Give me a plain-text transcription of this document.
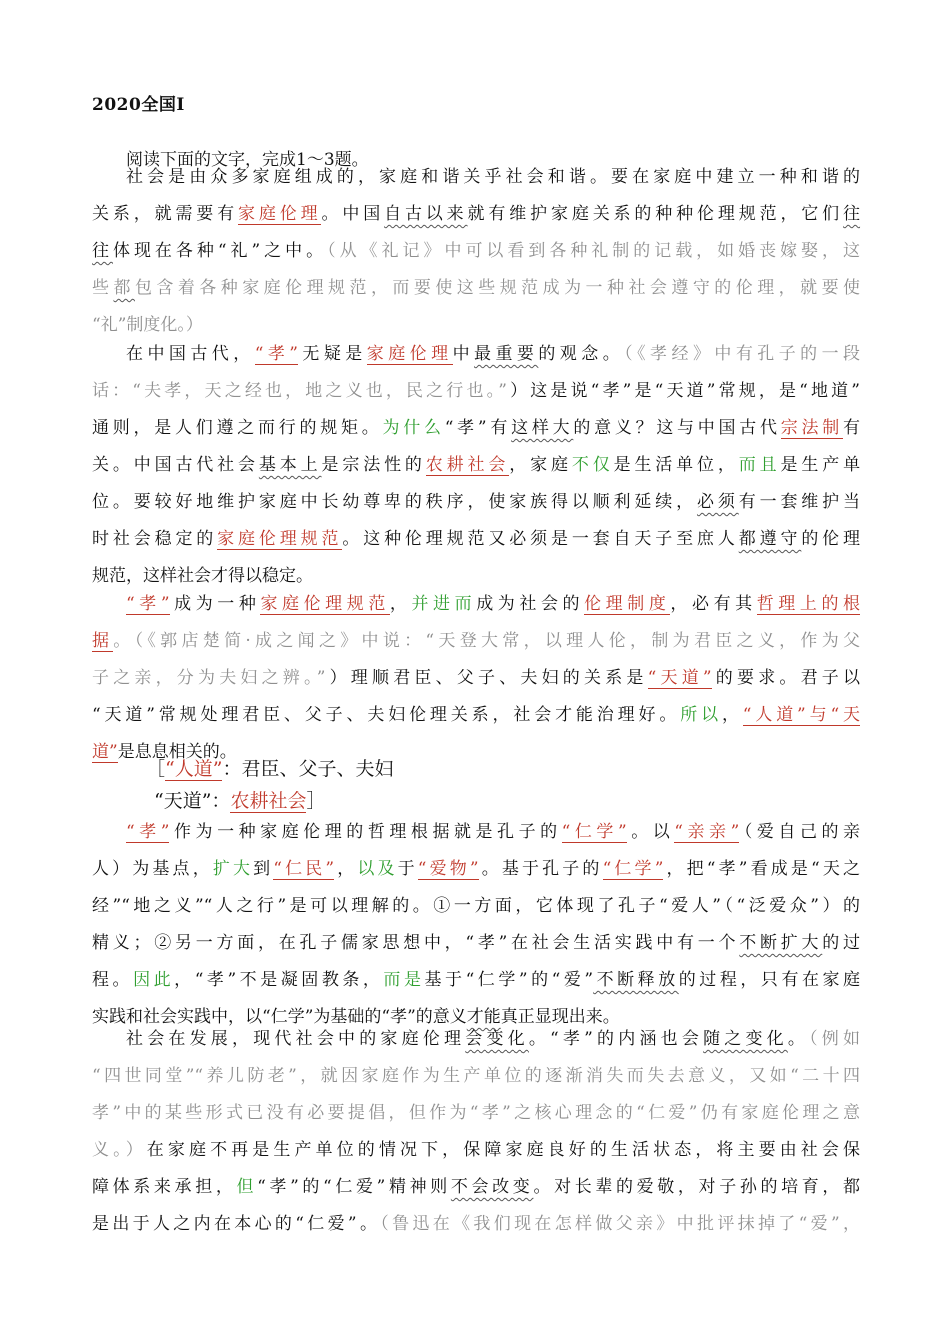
2020全国Ⅰ
阅读下面的文字，完成1～3题。
社会是由众多家庭组成的，家庭和谐关乎社会和谐。要在家庭中建立一种和谐的
关系，就需要有家庭伦理。中国自古以来就有维护家庭关系的种种伦理规范，它们往
往体现在各种“礼”之中。（从《礼记》中可以看到各种礼制的记载，如婚丧嫁娶，这
些都包含着各种家庭伦理规范，而要使这些规范成为一种社会遵守的伦理，就要使
“礼”制度化。）
在中国古代，“孝”无疑是家庭伦理中最重要的观念。（《孝经》中有孔子的一段
话：“夫孝，天之经也，地之义也，民之行也。”）这是说“孝”是“天道”常规，是“地道”
通则，是人们遵之而行的规矩。为什么“孝”有这样大的意义？这与中国古代宗法制有
关。中国古代社会基本上是宗法性的农耕社会，家庭不仅是生活单位，而且是生产单
位。要较好地维护家庭中长幼尊卑的秩序，使家族得以顺利延续，必须有一套维护当
时社会稳定的家庭伦理规范。这种伦理规范又必须是一套自天子至庶人都遵守的伦理
规范，这样社会才得以稳定。
“孝”成为一种家庭伦理规范，并进而成为社会的伦理制度，必有其哲理上的根
据。（《郭店楚简·成之闻之》中说：“天登大常，以理人伦，制为君臣之义，作为父
子之亲，分为夫妇之辨。”）理顺君臣、父子、夫妇的关系是“天道”的要求。君子以
“天道”常规处理君臣、父子、夫妇伦理关系，社会才能治理好。所以，“人道”与“天
道”是息息相关的。
“孝”作为一种家庭伦理的哲理根据就是孔子的“仁学”。以“亲亲”（爱自己的亲
人）为基点，扩大到“仁民”，以及于“爱物”。基于孔子的“仁学”，把“孝”看成是“天之
经”“地之义”“人之行”是可以理解的。①一方面，它体现了孔子“爱人”（“泛爱众”）的
精义；②另一方面，在孔子儒家思想中，“孝”在社会生活实践中有一个不断扩大的过
程。因此，“孝”不是凝固教条，而是基于“仁学”的“爱”不断释放的过程，只有在家庭
实践和社会实践中，以“仁学”为基础的“孝”的意义才能真正显现出来。
社会在发展，现代社会中的家庭伦理会变化。“孝”的内涵也会随之变化。（例如
“四世同堂”“养儿防老”，就因家庭作为生产单位的逐渐消失而失去意义，又如“二十四
孝”中的某些形式已没有必要提倡，但作为“孝”之核心理念的“仁爱”仍有家庭伦理之意
义。）在家庭不再是生产单位的情况下，保障家庭良好的生活状态，将主要由社会保
障体系来承担，但“孝”的“仁爱”精神则不会改变。对长辈的爱敬，对子孙的培育，都
是出于人之内在本心的“仁爱”。（鲁迅在《我们现在怎样做父亲》中批评抹掉了“爱”，
［“人道”：君臣、父子、夫妇
“天道”：农耕社会］
